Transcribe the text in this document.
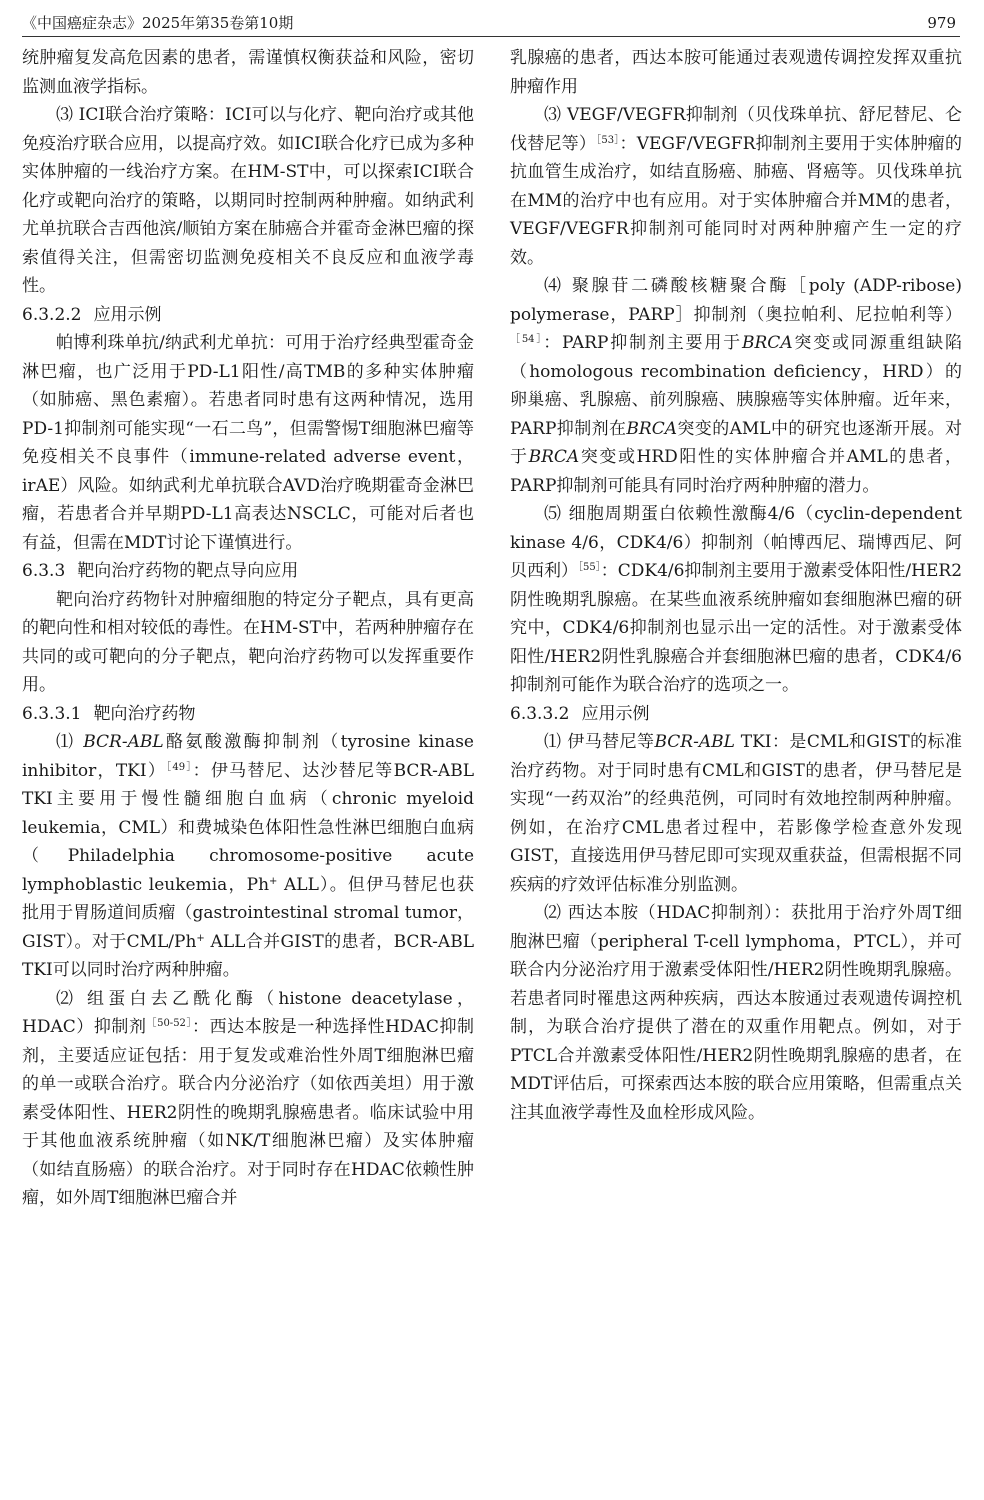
《中国癌症杂志》2025年第35卷第10期	979

统肿瘤复发高危因素的患者，需谨慎权衡获益和风险，密切监测血液学指标。

⑶ ICI联合治疗策略：ICI可以与化疗、靶向治疗或其他免疫治疗联合应用，以提高疗效。如ICI联合化疗已成为多种实体肿瘤的一线治疗方案。在HM-ST中，可以探索ICI联合化疗或靶向治疗的策略，以期同时控制两种肿瘤。如纳武利尤单抗联合吉西他滨/顺铂方案在肺癌合并霍奇金淋巴瘤的探索值得关注，但需密切监测免疫相关不良反应和血液学毒性。

6.3.2.2 应用示例

帕博利珠单抗/纳武利尤单抗：可用于治疗经典型霍奇金淋巴瘤，也广泛用于PD-L1阳性/高TMB的多种实体肿瘤（如肺癌、黑色素瘤）。若患者同时患有这两种情况，选用PD-1抑制剂可能实现“一石二鸟”，但需警惕T细胞淋巴瘤等免疫相关不良事件（immune-related adverse event，irAE）风险。如纳武利尤单抗联合AVD治疗晚期霍奇金淋巴瘤，若患者合并早期PD-L1高表达NSCLC，可能对后者也有益，但需在MDT讨论下谨慎进行。

6.3.3 靶向治疗药物的靶点导向应用

靶向治疗药物针对肿瘤细胞的特定分子靶点，具有更高的靶向性和相对较低的毒性。在HM-ST中，若两种肿瘤存在共同的或可靶向的分子靶点，靶向治疗药物可以发挥重要作用。

6.3.3.1 靶向治疗药物

⑴ BCR-ABL酪氨酸激酶抑制剂（tyrosine kinase inhibitor，TKI）$^{[49]}$：伊马替尼、达沙替尼等BCR-ABL TKI主要用于慢性髓细胞白血病（chronic myeloid leukemia，CML）和费城染色体阳性急性淋巴细胞白血病（Philadelphia chromosome-positive acute lymphoblastic leukemia，Ph+ ALL）。但伊马替尼也获批用于胃肠道间质瘤（gastrointestinal stromal tumor，GIST）。对于CML/Ph+ ALL合并GIST的患者，BCR-ABL TKI可以同时治疗两种肿瘤。

⑵ 组蛋白去乙酰化酶（histone deacetylase，HDAC）抑制剂$^{[50-52]}$：西达本胺是一种选择性HDAC抑制剂，主要适应证包括：用于复发或难治性外周T细胞淋巴瘤的单一或联合治疗。联合内分泌治疗（如依西美坦）用于激素受体阳性、HER2阴性的晚期乳腺癌患者。临床试验中用于其他血液系统肿瘤（如NK/T细胞淋巴瘤）及实体肿瘤（如结直肠癌）的联合治疗。对于同时存在HDAC依赖性肿瘤，如外周T细胞淋巴瘤合并

乳腺癌的患者，西达本胺可能通过表观遗传调控发挥双重抗肿瘤作用

⑶ VEGF/VEGFR抑制剂（贝伐珠单抗、舒尼替尼、仑伐替尼等）$^{[53]}$：VEGF/VEGFR抑制剂主要用于实体肿瘤的抗血管生成治疗，如结直肠癌、肺癌、肾癌等。贝伐珠单抗在MM的治疗中也有应用。对于实体肿瘤合并MM的患者，VEGF/VEGFR抑制剂可能同时对两种肿瘤产生一定的疗效。

⑷ 聚腺苷二磷酸核糖聚合酶［poly (ADP-ribose) polymerase，PARP］抑制剂（奥拉帕利、尼拉帕利等）$^{[54]}$：PARP抑制剂主要用于BRCA突变或同源重组缺陷（homologous recombination deficiency，HRD）的卵巢癌、乳腺癌、前列腺癌、胰腺癌等实体肿瘤。近年来，PARP抑制剂在BRCA突变的AML中的研究也逐渐开展。对于BRCA突变或HRD阳性的实体肿瘤合并AML的患者，PARP抑制剂可能具有同时治疗两种肿瘤的潜力。

⑸ 细胞周期蛋白依赖性激酶4/6（cyclin-dependent kinase 4/6，CDK4/6）抑制剂（帕博西尼、瑞博西尼、阿贝西利）$^{[55]}$：CDK4/6抑制剂主要用于激素受体阳性/HER2阴性晚期乳腺癌。在某些血液系统肿瘤如套细胞淋巴瘤的研究中，CDK4/6抑制剂也显示出一定的活性。对于激素受体阳性/HER2阴性乳腺癌合并套细胞淋巴瘤的患者，CDK4/6抑制剂可能作为联合治疗的选项之一。

6.3.3.2 应用示例

⑴ 伊马替尼等BCR-ABL TKI：是CML和GIST的标准治疗药物。对于同时患有CML和GIST的患者，伊马替尼是实现“一药双治”的经典范例，可同时有效地控制两种肿瘤。例如，在治疗CML患者过程中，若影像学检查意外发现GIST，直接选用伊马替尼即可实现双重获益，但需根据不同疾病的疗效评估标准分别监测。

⑵ 西达本胺（HDAC抑制剂）：获批用于治疗外周T细胞淋巴瘤（peripheral T-cell lymphoma，PTCL），并可联合内分泌治疗用于激素受体阳性/HER2阴性晚期乳腺癌。若患者同时罹患这两种疾病，西达本胺通过表观遗传调控机制，为联合治疗提供了潜在的双重作用靶点。例如，对于PTCL合并激素受体阳性/HER2阴性晚期乳腺癌的患者，在MDT评估后，可探索西达本胺的联合应用策略，但需重点关注其血液学毒性及血栓形成风险。
